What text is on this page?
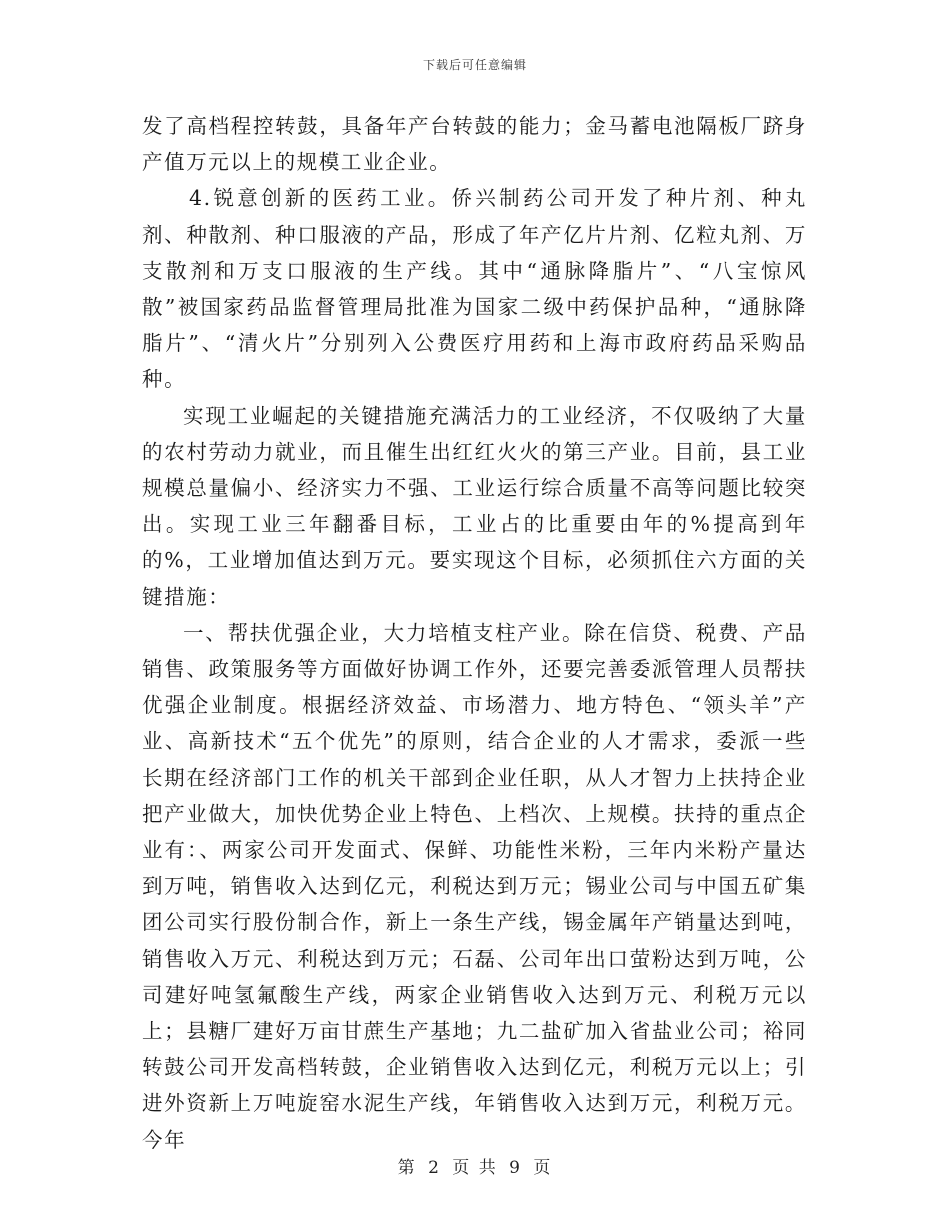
下载后可任意编辑

发了高档程控转鼓，具备年产台转鼓的能力；金马蓄电池隔板厂跻身产值万元以上的规模工业企业。

4.锐意创新的医药工业。侨兴制药公司开发了种片剂、种丸剂、种散剂、种口服液的产品，形成了年产亿片片剂、亿粒丸剂、万支散剂和万支口服液的生产线。其中“通脉降脂片”、“八宝惊风散”被国家药品监督管理局批准为国家二级中药保护品种，“通脉降脂片”、“清火片”分别列入公费医疗用药和上海市政府药品采购品种。

实现工业崛起的关键措施充满活力的工业经济，不仅吸纳了大量的农村劳动力就业，而且催生出红红火火的第三产业。目前，县工业规模总量偏小、经济实力不强、工业运行综合质量不高等问题比较突出。实现工业三年翻番目标，工业占的比重要由年的%提高到年的%，工业增加值达到万元。要实现这个目标，必须抓住六方面的关键措施：

一、帮扶优强企业，大力培植支柱产业。除在信贷、税费、产品销售、政策服务等方面做好协调工作外，还要完善委派管理人员帮扶优强企业制度。根据经济效益、市场潜力、地方特色、“领头羊”产业、高新技术“五个优先”的原则，结合企业的人才需求，委派一些长期在经济部门工作的机关干部到企业任职，从人才智力上扶持企业把产业做大，加快优势企业上特色、上档次、上规模。扶持的重点企业有：、两家公司开发面式、保鲜、功能性米粉，三年内米粉产量达到万吨，销售收入达到亿元，利税达到万元；锡业公司与中国五矿集团公司实行股份制合作，新上一条生产线，锡金属年产销量达到吨，销售收入万元、利税达到万元；石磊、公司年出口萤粉达到万吨，公司建好吨氢氟酸生产线，两家企业销售收入达到万元、利税万元以上；县糖厂建好万亩甘蔗生产基地；九二盐矿加入省盐业公司；裕同转鼓公司开发高档转鼓，企业销售收入达到亿元，利税万元以上；引进外资新上万吨旋窑水泥生产线，年销售收入达到万元，利税万元。今年

第 2 页 共 9 页
